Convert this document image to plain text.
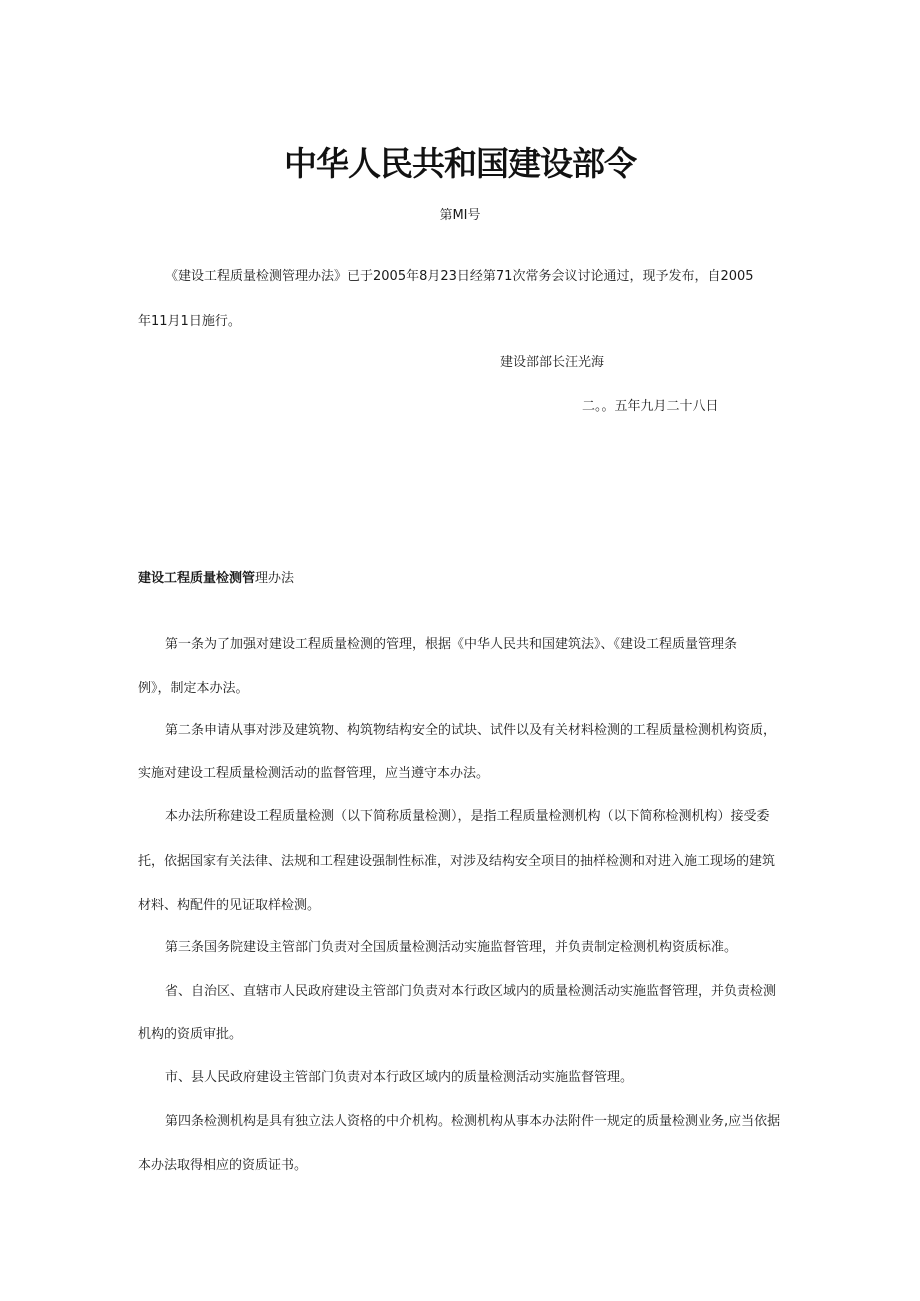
中华人民共和国建设部令
第MI号
《建设工程质量检测管理办法》已于2005年8月23日经第71次常务会议讨论通过，现予发布，自2005
年11月1日施行。
建设部部长汪光海
二。。五年九月二十八日
建设工程质量检测管理办法
第一条为了加强对建设工程质量检测的管理，根据《中华人民共和国建筑法》、《建设工程质量管理条
例》，制定本办法。
第二条申请从事对涉及建筑物、构筑物结构安全的试块、试件以及有关材料检测的工程质量检测机构资质，
实施对建设工程质量检测活动的监督管理，应当遵守本办法。
本办法所称建设工程质量检测（以下简称质量检测），是指工程质量检测机构（以下简称检测机构）接受委
托，依据国家有关法律、法规和工程建设强制性标准，对涉及结构安全项目的抽样检测和对进入施工现场的建筑
材料、构配件的见证取样检测。
第三条国务院建设主管部门负责对全国质量检测活动实施监督管理，并负责制定检测机构资质标准。
省、自治区、直辖市人民政府建设主管部门负责对本行政区域内的质量检测活动实施监督管理，并负责检测
机构的资质审批。
市、县人民政府建设主管部门负责对本行政区域内的质量检测活动实施监督管理。
第四条检测机构是具有独立法人资格的中介机构。检测机构从事本办法附件一规定的质量检测业务,应当依据
本办法取得相应的资质证书。
